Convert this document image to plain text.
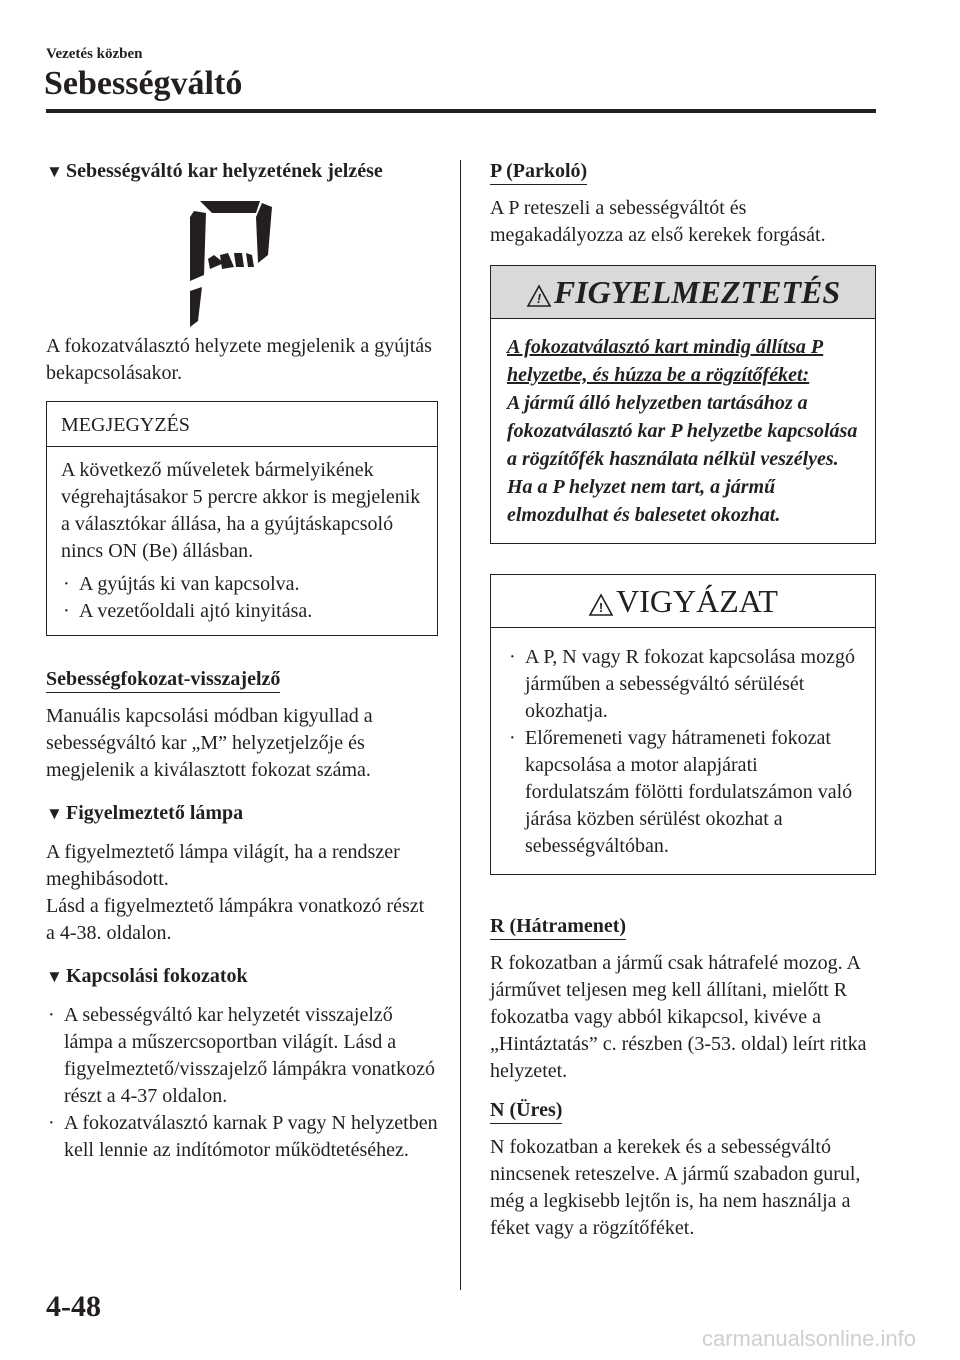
Vezetés közben
Sebességváltó
▼ Sebességváltó kar helyzetének jelzése

A fokozatválasztó helyzete megjelenik a gyújtás bekapcsolásakor.

MEGJEGYZÉS

A következő műveletek bármelyikének végrehajtásakor 5 percre akkor is megjelenik a választókar állása, ha a gyújtáskapcsoló nincs ON (Be) állásban.

· A gyújtás ki van kapcsolva.
· A vezetőoldali ajtó kinyitása.
Sebességfokozat-visszajelző

Manuális kapcsolási módban kigyullad a sebességváltó kar „M” helyzetjelzője és megjelenik a kiválasztott fokozat száma.

▼ Figyelmeztető lámpa

A figyelmeztető lámpa világít, ha a rendszer meghibásodott.

Lásd a figyelmeztető lámpákra vonatkozó részt a 4-38. oldalon.

▼ Kapcsolási fokozatok
· A sebességváltó kar helyzetét visszajelző lámpa a műszercsoportban világít. Lásd a figyelmeztető/visszajelző lámpákra vonatkozó részt a 4-37 oldalon.
· A fokozatválasztó karnak P vagy N helyzetben kell lennie az indítómotor működtetéséhez.
P (Parkoló)

A P reteszeli a sebességváltót és megakadályozza az első kerekek forgását.

! FIGYELMEZTETÉS
A fokozatválasztó kart mindig állítsa P helyzetbe, és húzza be a rögzítőféket:
A jármű álló helyzetben tartásához a fokozatválasztó kar P helyzetbe kapcsolása a rögzítőfék használata nélkül veszélyes. Ha a P helyzet nem tart, a jármű elmozdulhat és balesetet okozhat.
! VIGYÁZAT
· A P, N vagy R fokozat kapcsolása mozgó járműben a sebességváltó sérülését okozhatja.
· Előremeneti vagy hátrameneti fokozat kapcsolása a motor alapjárati fordulatszám fölötti fordulatszámon való járása közben sérülést okozhat a sebességváltóban.
R (Hátramenet)

R fokozatban a jármű csak hátrafelé mozog. A járművet teljesen meg kell állítani, mielőtt R fokozatba vagy abból kikapcsol, kivéve a „Hintáztatás” c. részben (3-53. oldal) leírt ritka helyzetet.

N (Üres)

N fokozatban a kerekek és a sebességváltó nincsenek reteszelve. A jármű szabadon gurul, még a legkisebb lejtőn is, ha nem használja a féket vagy a rögzítőféket.

4-48
carmanualsonline.info
